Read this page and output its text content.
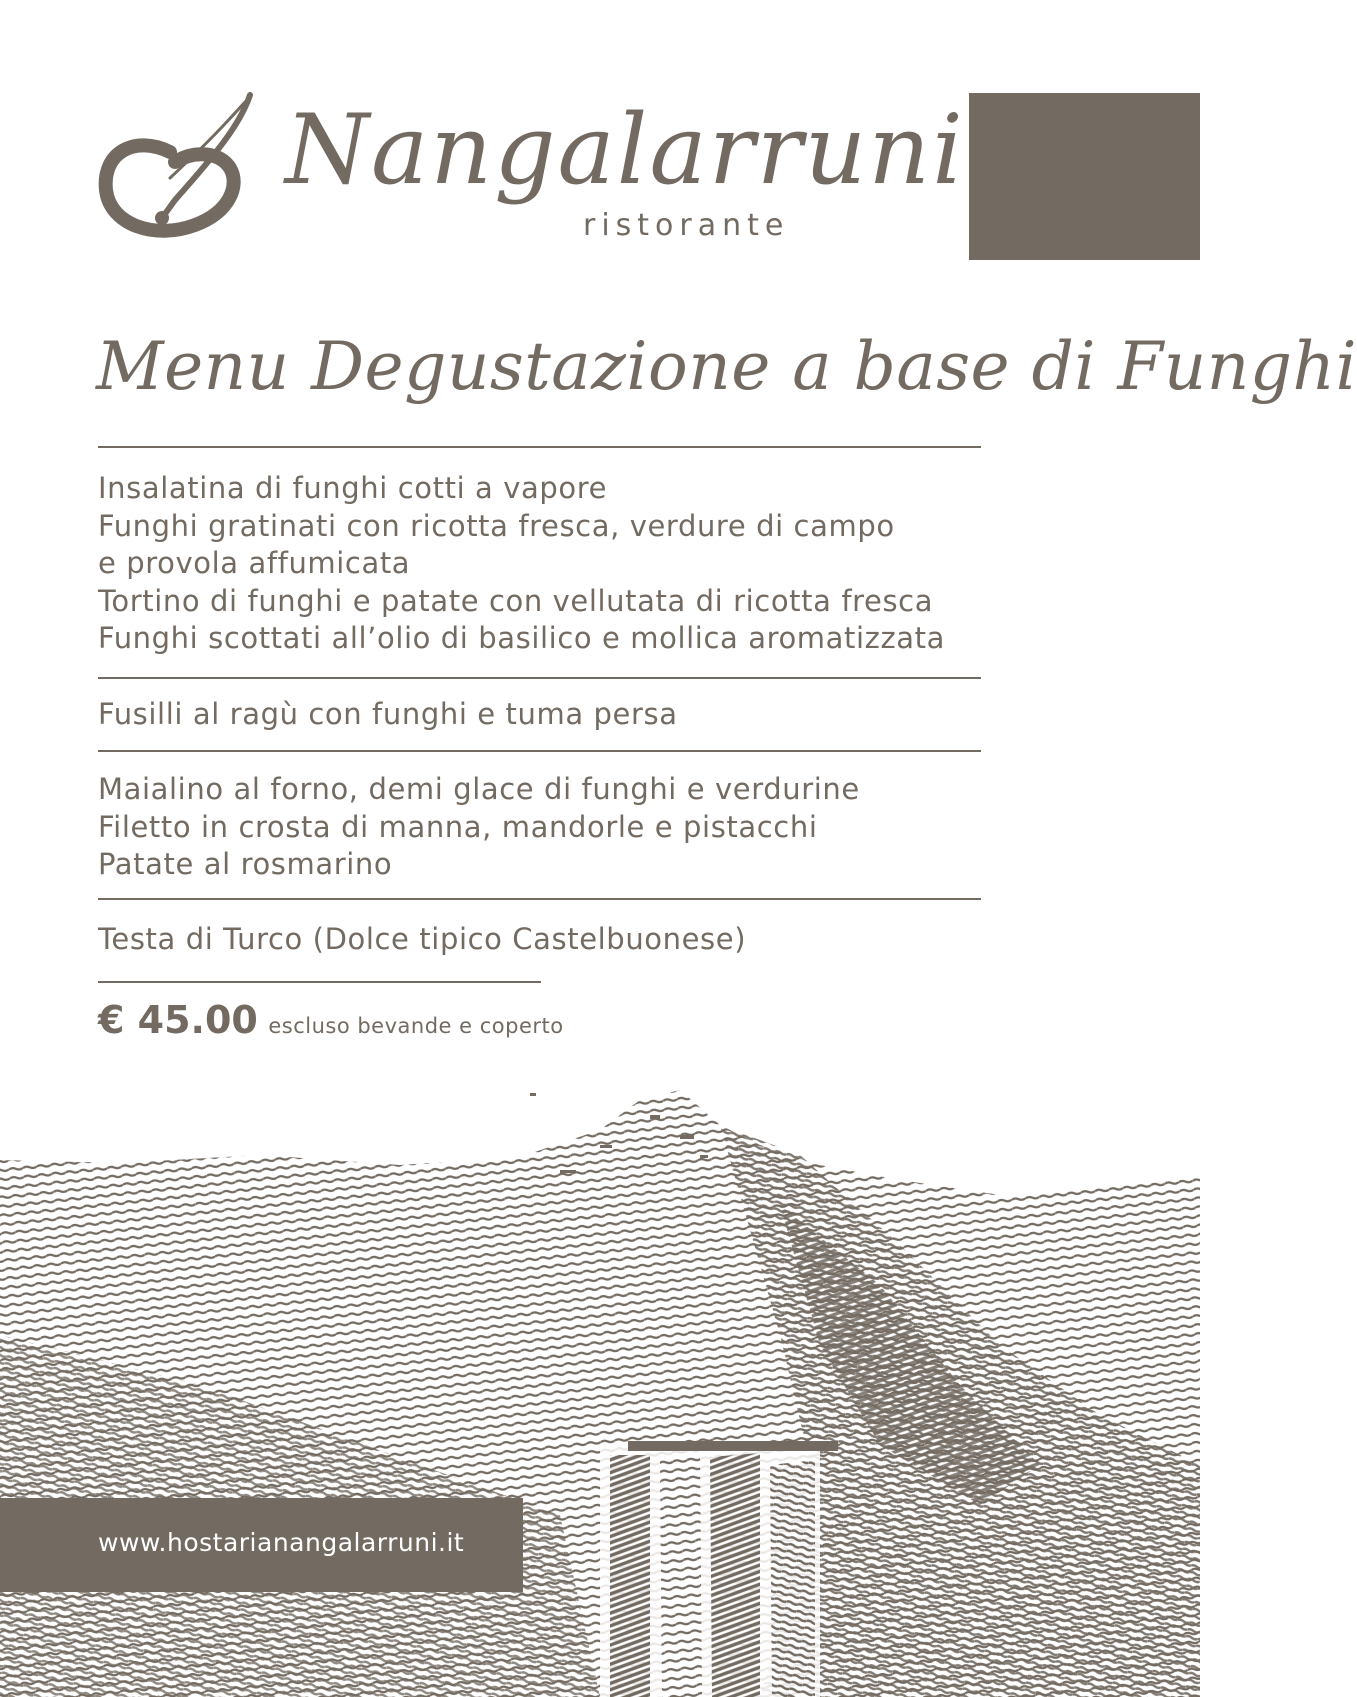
Nangalarruni
ristorante
Menu Degustazione a base di Funghi
Insalatina di funghi cotti a vapore
Funghi gratinati con ricotta fresca, verdure di campo
e provola affumicata
Tortino di funghi e patate con vellutata di ricotta fresca
Funghi scottati all’olio di basilico e mollica aromatizzata
Fusilli al ragù con funghi e tuma persa
Maialino al forno, demi glace di funghi e verdurine
Filetto in crosta di manna, mandorle e pistacchi
Patate al rosmarino
Testa di Turco (Dolce tipico Castelbuonese)
€ 45.00 escluso bevande e coperto
www.hostarianangalarruni.it
